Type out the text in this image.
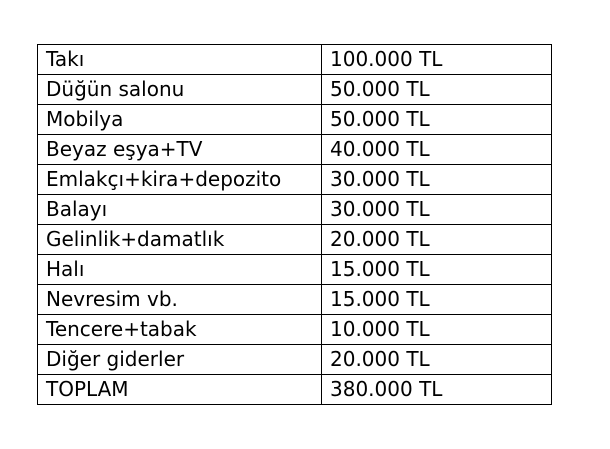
Takı	100.000 TL
Düğün salonu	50.000 TL
Mobilya	50.000 TL
Beyaz eşya+TV	40.000 TL
Emlakçı+kira+depozito	30.000 TL
Balayı	30.000 TL
Gelinlik+damatlık	20.000 TL
Halı	15.000 TL
Nevresim vb.	15.000 TL
Tencere+tabak	10.000 TL
Diğer giderler	20.000 TL
TOPLAM	380.000 TL
